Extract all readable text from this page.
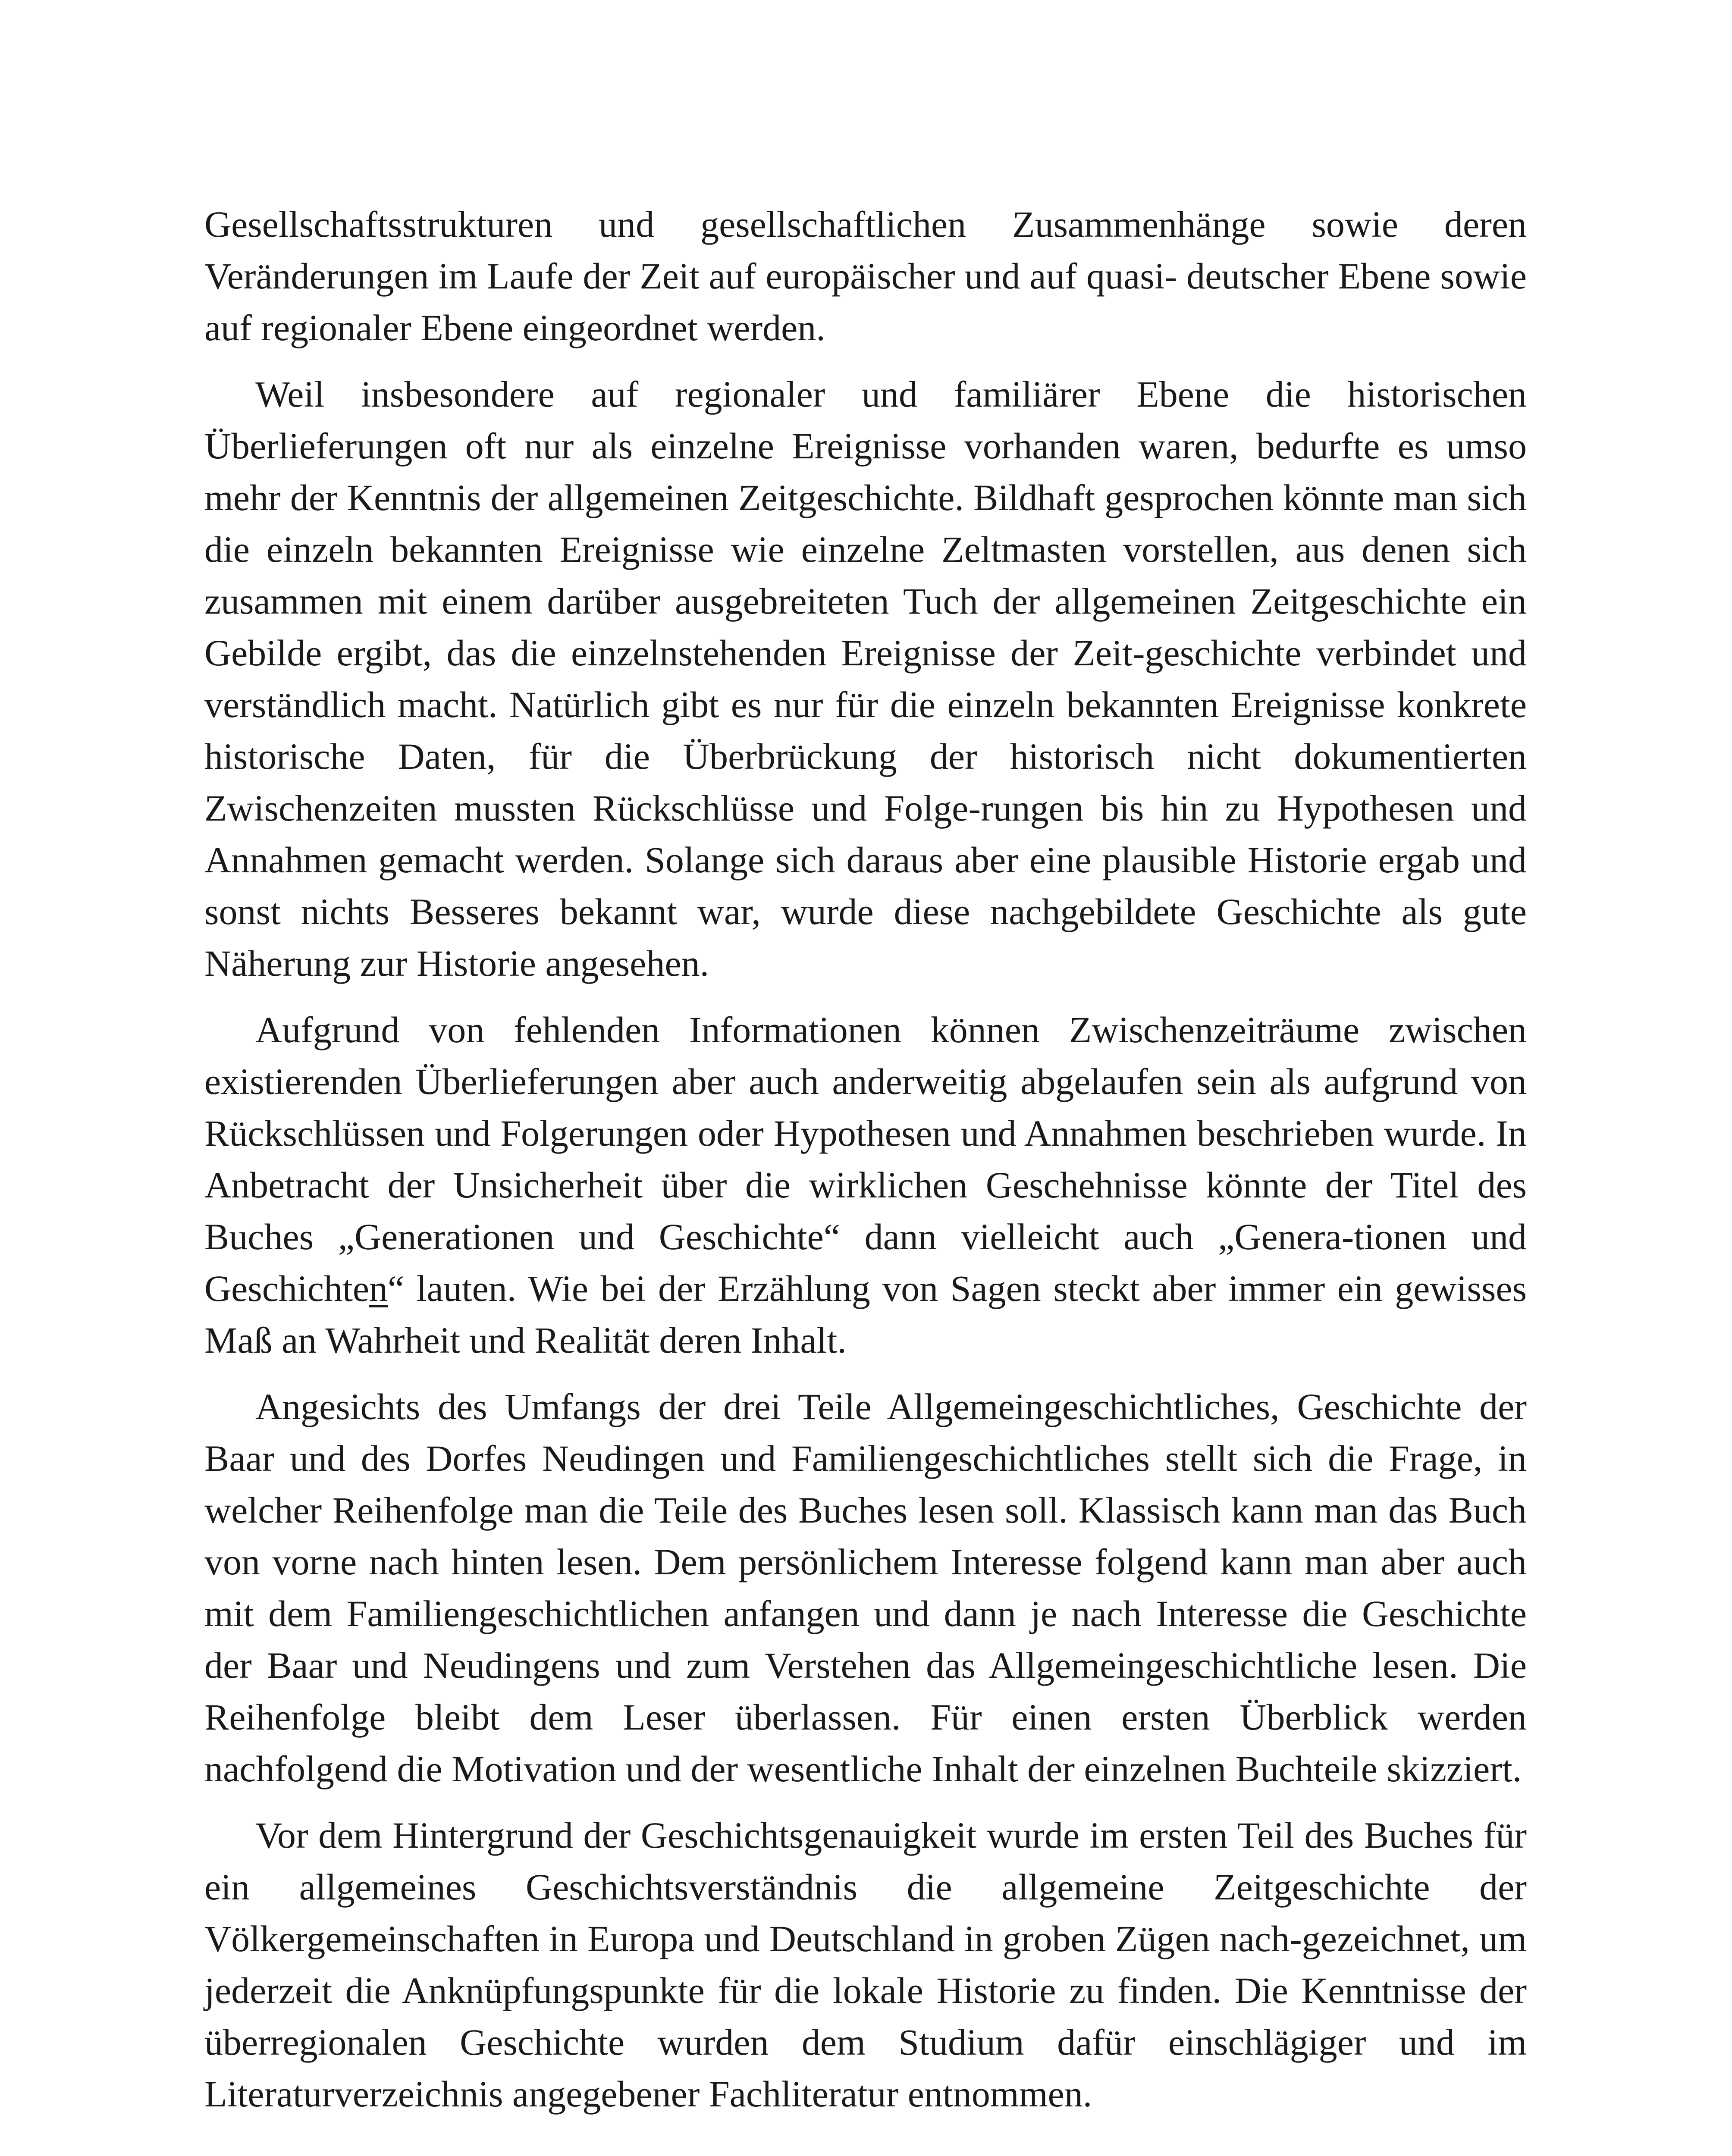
Gesellschaftsstrukturen und gesellschaftlichen Zusammenhänge sowie deren Veränderungen im Laufe der Zeit auf europäischer und auf quasi- deutscher Ebene sowie auf regionaler Ebene eingeordnet werden.

Weil insbesondere auf regionaler und familiärer Ebene die historischen Überlieferungen oft nur als einzelne Ereignisse vorhanden waren, bedurfte es umso mehr der Kenntnis der allgemeinen Zeitgeschichte. Bildhaft gesprochen könnte man sich die einzeln bekannten Ereignisse wie einzelne Zeltmasten vorstellen, aus denen sich zusammen mit einem darüber ausgebreiteten Tuch der allgemeinen Zeitgeschichte ein Gebilde ergibt, das die einzelnstehenden Ereignisse der Zeit-geschichte verbindet und verständlich macht. Natürlich gibt es nur für die einzeln bekannten Ereignisse konkrete historische Daten, für die Überbrückung der historisch nicht dokumentierten Zwischenzeiten mussten Rückschlüsse und Folge-rungen bis hin zu Hypothesen und Annahmen gemacht werden. Solange sich daraus aber eine plausible Historie ergab und sonst nichts Besseres bekannt war, wurde diese nachgebildete Geschichte als gute Näherung zur Historie angesehen.

Aufgrund von fehlenden Informationen können Zwischenzeiträume zwischen existierenden Überlieferungen aber auch anderweitig abgelaufen sein als aufgrund von Rückschlüssen und Folgerungen oder Hypothesen und Annahmen beschrieben wurde. In Anbetracht der Unsicherheit über die wirklichen Geschehnisse könnte der Titel des Buches „Generationen und Geschichte“ dann vielleicht auch „Genera-tionen und Geschichten“ lauten. Wie bei der Erzählung von Sagen steckt aber immer ein gewisses Maß an Wahrheit und Realität deren Inhalt.

Angesichts des Umfangs der drei Teile Allgemeingeschichtliches, Geschichte der Baar und des Dorfes Neudingen und Familiengeschichtliches stellt sich die Frage, in welcher Reihenfolge man die Teile des Buches lesen soll. Klassisch kann man das Buch von vorne nach hinten lesen. Dem persönlichem Interesse folgend kann man aber auch mit dem Familiengeschichtlichen anfangen und dann je nach Interesse die Geschichte der Baar und Neudingens und zum Verstehen das Allgemeingeschichtliche lesen. Die Reihenfolge bleibt dem Leser überlassen. Für einen ersten Überblick werden nachfolgend die Motivation und der wesentliche Inhalt der einzelnen Buchteile skizziert.

Vor dem Hintergrund der Geschichtsgenauigkeit wurde im ersten Teil des Buches für ein allgemeines Geschichtsverständnis die allgemeine Zeitgeschichte der Völkergemeinschaften in Europa und Deutschland in groben Zügen nach-gezeichnet, um jederzeit die Anknüpfungspunkte für die lokale Historie zu finden. Die Kenntnisse der überregionalen Geschichte wurden dem Studium dafür einschlägiger und im Literaturverzeichnis angegebener Fachliteratur entnommen.
